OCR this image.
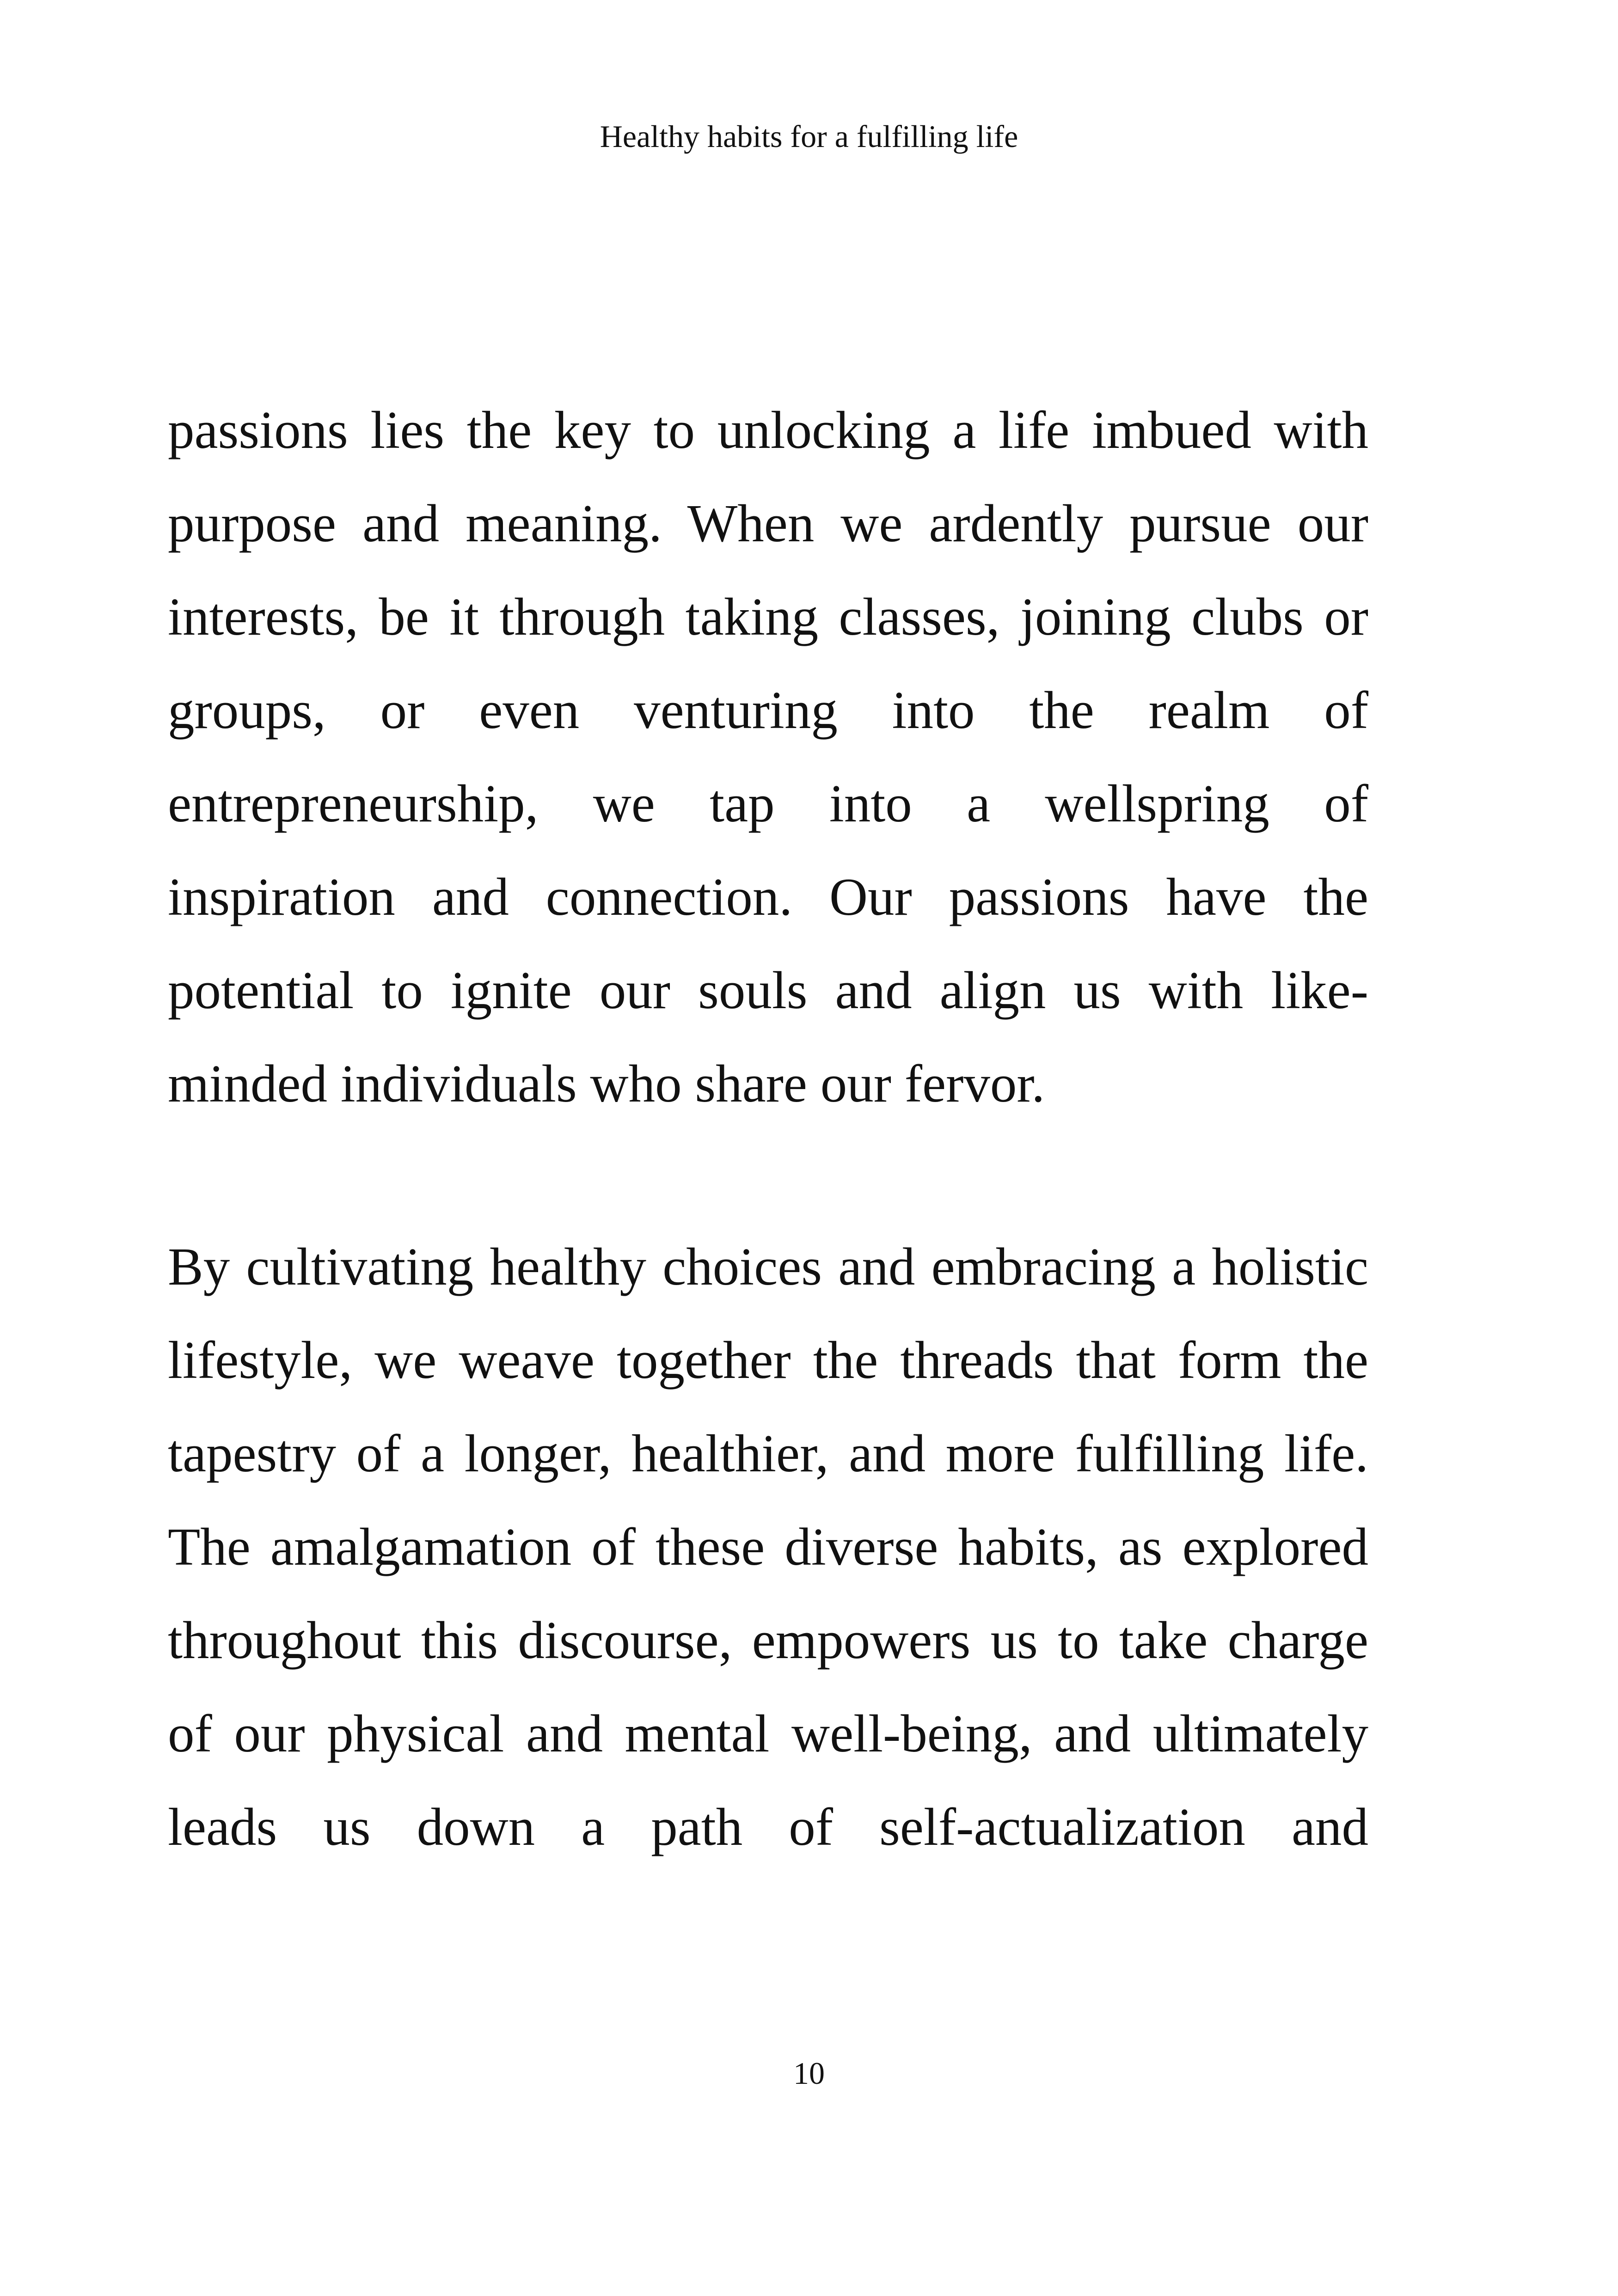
Healthy habits for a fulfilling life

passions lies the key to unlocking a life imbued with
purpose and meaning. When we ardently pursue our
interests, be it through taking classes, joining clubs or
groups, or even venturing into the realm of
entrepreneurship, we tap into a wellspring of
inspiration and connection. Our passions have the
potential to ignite our souls and align us with like-
minded individuals who share our fervor.

By cultivating healthy choices and embracing a holistic
lifestyle, we weave together the threads that form the
tapestry of a longer, healthier, and more fulfilling life.
The amalgamation of these diverse habits, as explored
throughout this discourse, empowers us to take charge
of our physical and mental well-being, and ultimately
leads us down a path of self-actualization and

10
